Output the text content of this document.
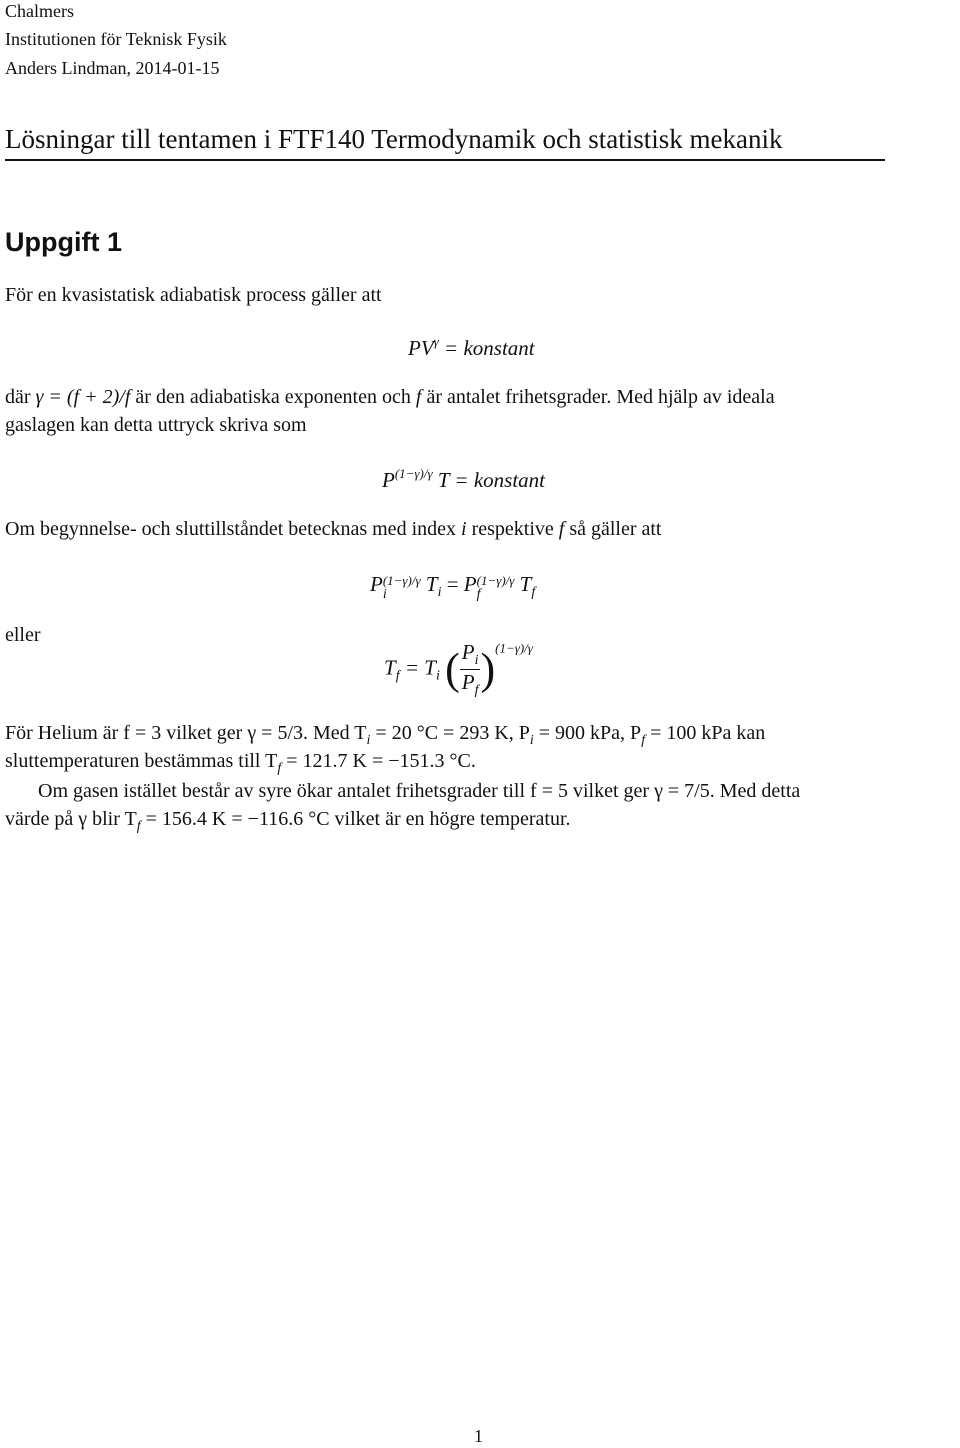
Chalmers
Institutionen för Teknisk Fysik
Anders Lindman, 2014-01-15
Lösningar till tentamen i FTF140 Termodynamik och statistisk mekanik
Uppgift 1
För en kvasistatisk adiabatisk process gäller att
$PV^\gamma$ = konstant
där γ = (f + 2)/f är den adiabatiska exponenten och f är antalet frihetsgrader. Med hjälp av ideala
gaslagen kan detta uttryck skriva som
$P^{(1-\gamma)/\gamma}$ T = konstant
Om begynnelse- och sluttillståndet betecknas med index i respektive f så gäller att
$P^{(1-\gamma)/\gamma}$
i $T_i = P^{(1-\gamma)/\gamma}$
f $T_f$
eller
$T_f = T_i$ ( $\frac{P_i}{P_f} )^{(1-\gamma)/\gamma}$
För Helium är f = 3 vilket ger γ = 5/3. Med $T_i = 20$ °C = 293 K, $P_i = 900$ kPa, $P_f = 100$ kPa kan
sluttemperaturen bestämmas till $T_f = 121.7$ K = −151.3 °C.
Om gasen istället består av syre ökar antalet frihetsgrader till f = 5 vilket ger γ = 7/5. Med detta
värde på γ blir $T_f = 156.4$ K = −116.6 °C vilket är en högre temperatur.
1
